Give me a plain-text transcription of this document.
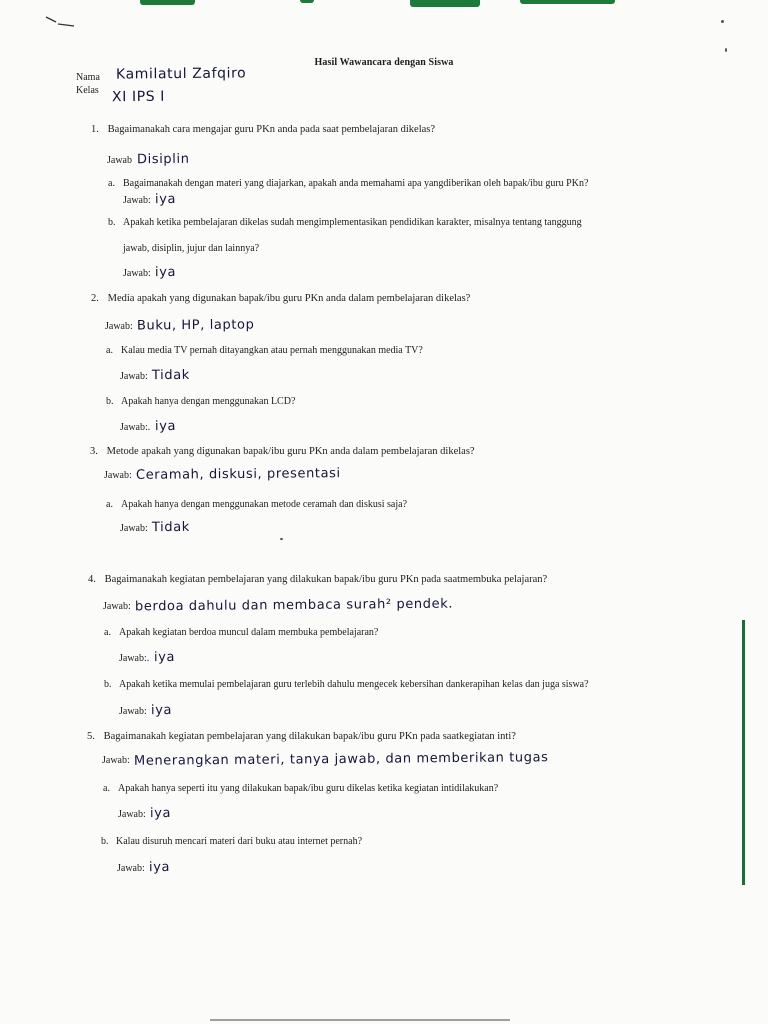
Hasil Wawancara dengan Siswa
Nama Kamilatul Zafqiro
Kelas XI IPS I
1. Bagaimanakah cara mengajar guru PKn anda pada saat pembelajaran dikelas?
Jawab Disiplin
a. Bagaimanakah dengan materi yang diajarkan, apakah anda memahami apa yangdiberikan oleh bapak/ibu guru PKn?
Jawab: iya
b. Apakah ketika pembelajaran dikelas sudah mengimplementasikan pendidikan karakter, misalnya tentang tanggung
jawab, disiplin, jujur dan lainnya?
Jawab: iya
2. Media apakah yang digunakan bapak/ibu guru PKn anda dalam pembelajaran dikelas?
Jawab: Buku, HP, laptop
a. Kalau media TV pernah ditayangkan atau pernah menggunakan media TV?
Jawab: Tidak
b. Apakah hanya dengan menggunakan LCD?
Jawab:. iya
3. Metode apakah yang digunakan bapak/ibu guru PKn anda dalam pembelajaran dikelas?
Jawab: Ceramah, diskusi, presentasi
a. Apakah hanya dengan menggunakan metode ceramah dan diskusi saja?
Jawab: Tidak
4. Bagaimanakah kegiatan pembelajaran yang dilakukan bapak/ibu guru PKn pada saatmembuka pelajaran?
Jawab: berdoa dahulu dan membaca surah² pendek.
a. Apakah kegiatan berdoa muncul dalam membuka pembelajaran?
Jawab:. iya
b. Apakah ketika memulai pembelajaran guru terlebih dahulu mengecek kebersihan dankerapihan kelas dan juga siswa?
Jawab: iya
5. Bagaimanakah kegiatan pembelajaran yang dilakukan bapak/ibu guru PKn pada saatkegiatan inti?
Jawab: Menerangkan materi, tanya jawab, dan memberikan tugas
a. Apakah hanya seperti itu yang dilakukan bapak/ibu guru dikelas ketika kegiatan intidilakukan?
Jawab: iya
b. Kalau disuruh mencari materi dari buku atau internet pernah?
Jawab: iya
